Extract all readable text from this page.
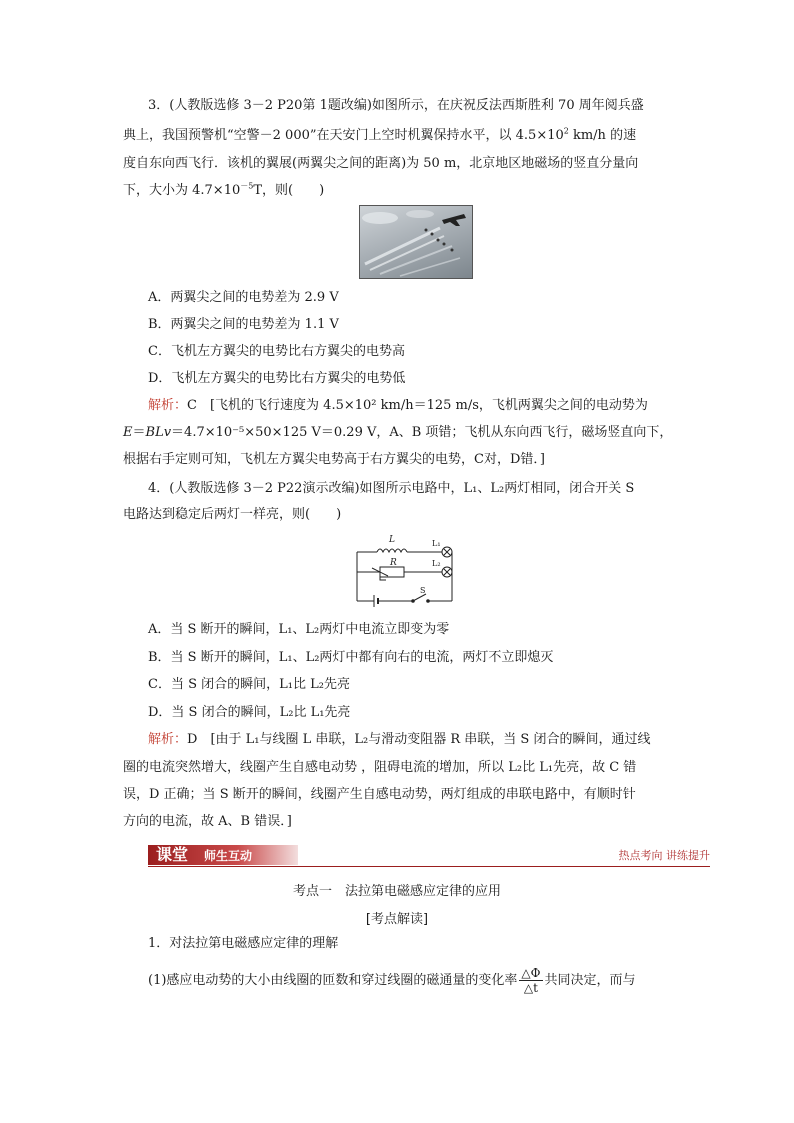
3．(人教版选修 3－2 P20第 1题改编)如图所示，在庆祝反法西斯胜利 70 周年阅兵盛
典上，我国预警机“空警－2 000”在天安门上空时机翼保持水平，以 $4.5\times 10^2$ km/h 的速
度自东向西飞行．该机的翼展(两翼尖之间的距离)为 50 m，北京地区地磁场的竖直分量向
下，大小为 $4.7\times 10^{-5}T$，则(　　)
A．两翼尖之间的电势差为 2.9 V
B．两翼尖之间的电势差为 1.1 V
C．飞机左方翼尖的电势比右方翼尖的电势高
D．飞机左方翼尖的电势比右方翼尖的电势低
解析：C　[飞机的飞行速度为 4.5×10² km/h＝125 m/s，飞机两翼尖之间的电动势为
E＝BLv＝4.7×10⁻⁵×50×125 V＝0.29 V，A、B 项错；飞机从东向西飞行，磁场竖直向下，
根据右手定则可知，飞机左方翼尖电势高于右方翼尖的电势，C对，D错．]
4．(人教版选修 3－2 P22演示改编)如图所示电路中，L₁、L₂两灯相同，闭合开关 S
电路达到稳定后两灯一样亮，则(　　)
L	L₁
R	L₂
S
A．当 S 断开的瞬间，L₁、L₂两灯中电流立即变为零
B．当 S 断开的瞬间，L₁、L₂两灯中都有向右的电流，两灯不立即熄灭
C．当 S 闭合的瞬间，L₁比 L₂先亮
D．当 S 闭合的瞬间，L₂比 L₁先亮
解析：D　[由于 L₁与线圈 L 串联，L₂与滑动变阻器 R 串联，当 S 闭合的瞬间，通过线
圈的电流突然增大，线圈产生自感电动势 ，阻碍电流的增加，所以 L₂比 L₁先亮，故 C 错
误，D 正确；当 S 断开的瞬间，线圈产生自感电动势，两灯组成的串联电路中，有顺时针
方向的电流，故 A、B 错误．]
课堂 师生互动	热点考向 讲练提升
考点一　法拉第电磁感应定律的应用
[考点解读]
1．对法拉第电磁感应定律的理解
(1)感应电动势的大小由线圈的匝数和穿过线圈的磁通量的变化率 $\frac{\triangle\Phi}{\triangle t}$ 共同决定，而与
